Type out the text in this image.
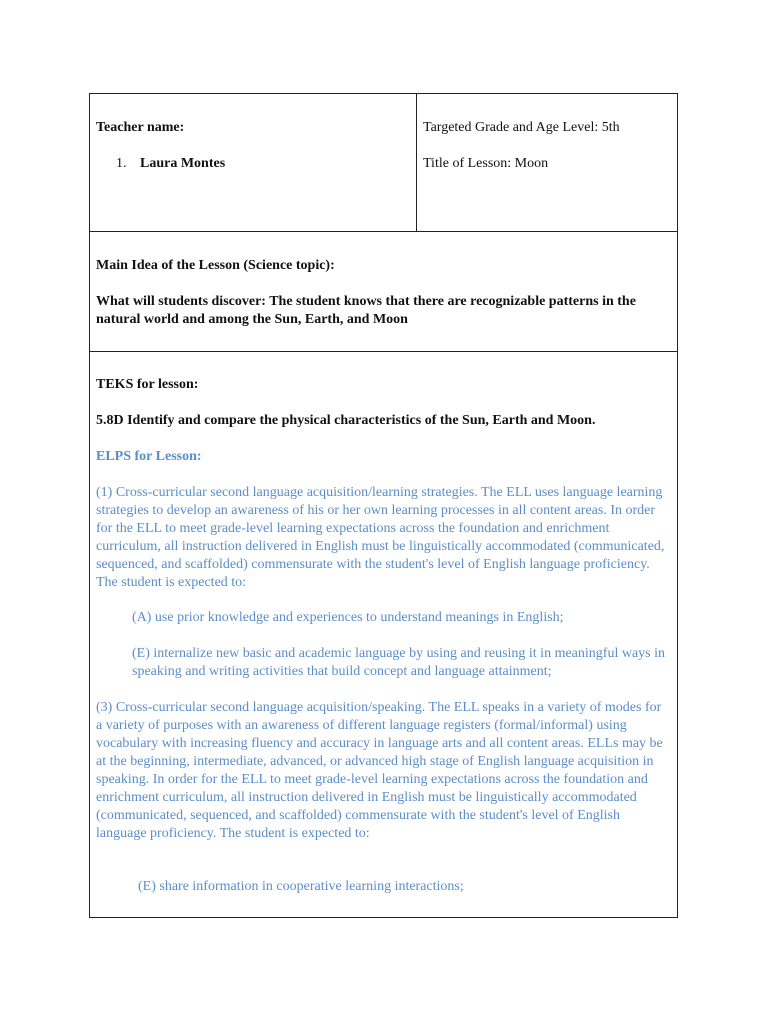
Teacher name:

1. Laura Montes

Targeted Grade and Age Level: 5th

Title of Lesson: Moon

Main Idea of the Lesson (Science topic):

What will students discover: The student knows that there are recognizable patterns in the natural world and among the Sun, Earth, and Moon

TEKS for lesson:

5.8D Identify and compare the physical characteristics of the Sun, Earth and Moon.

ELPS for Lesson:

(1) Cross-curricular second language acquisition/learning strategies. The ELL uses language learning strategies to develop an awareness of his or her own learning processes in all content areas. In order for the ELL to meet grade-level learning expectations across the foundation and enrichment curriculum, all instruction delivered in English must be linguistically accommodated (communicated, sequenced, and scaffolded) commensurate with the student's level of English language proficiency. The student is expected to:

(A) use prior knowledge and experiences to understand meanings in English;

(E) internalize new basic and academic language by using and reusing it in meaningful ways in speaking and writing activities that build concept and language attainment;

(3) Cross-curricular second language acquisition/speaking. The ELL speaks in a variety of modes for a variety of purposes with an awareness of different language registers (formal/informal) using vocabulary with increasing fluency and accuracy in language arts and all content areas. ELLs may be at the beginning, intermediate, advanced, or advanced high stage of English language acquisition in speaking. In order for the ELL to meet grade-level learning expectations across the foundation and enrichment curriculum, all instruction delivered in English must be linguistically accommodated (communicated, sequenced, and scaffolded) commensurate with the student's level of English language proficiency. The student is expected to:

(E) share information in cooperative learning interactions;
